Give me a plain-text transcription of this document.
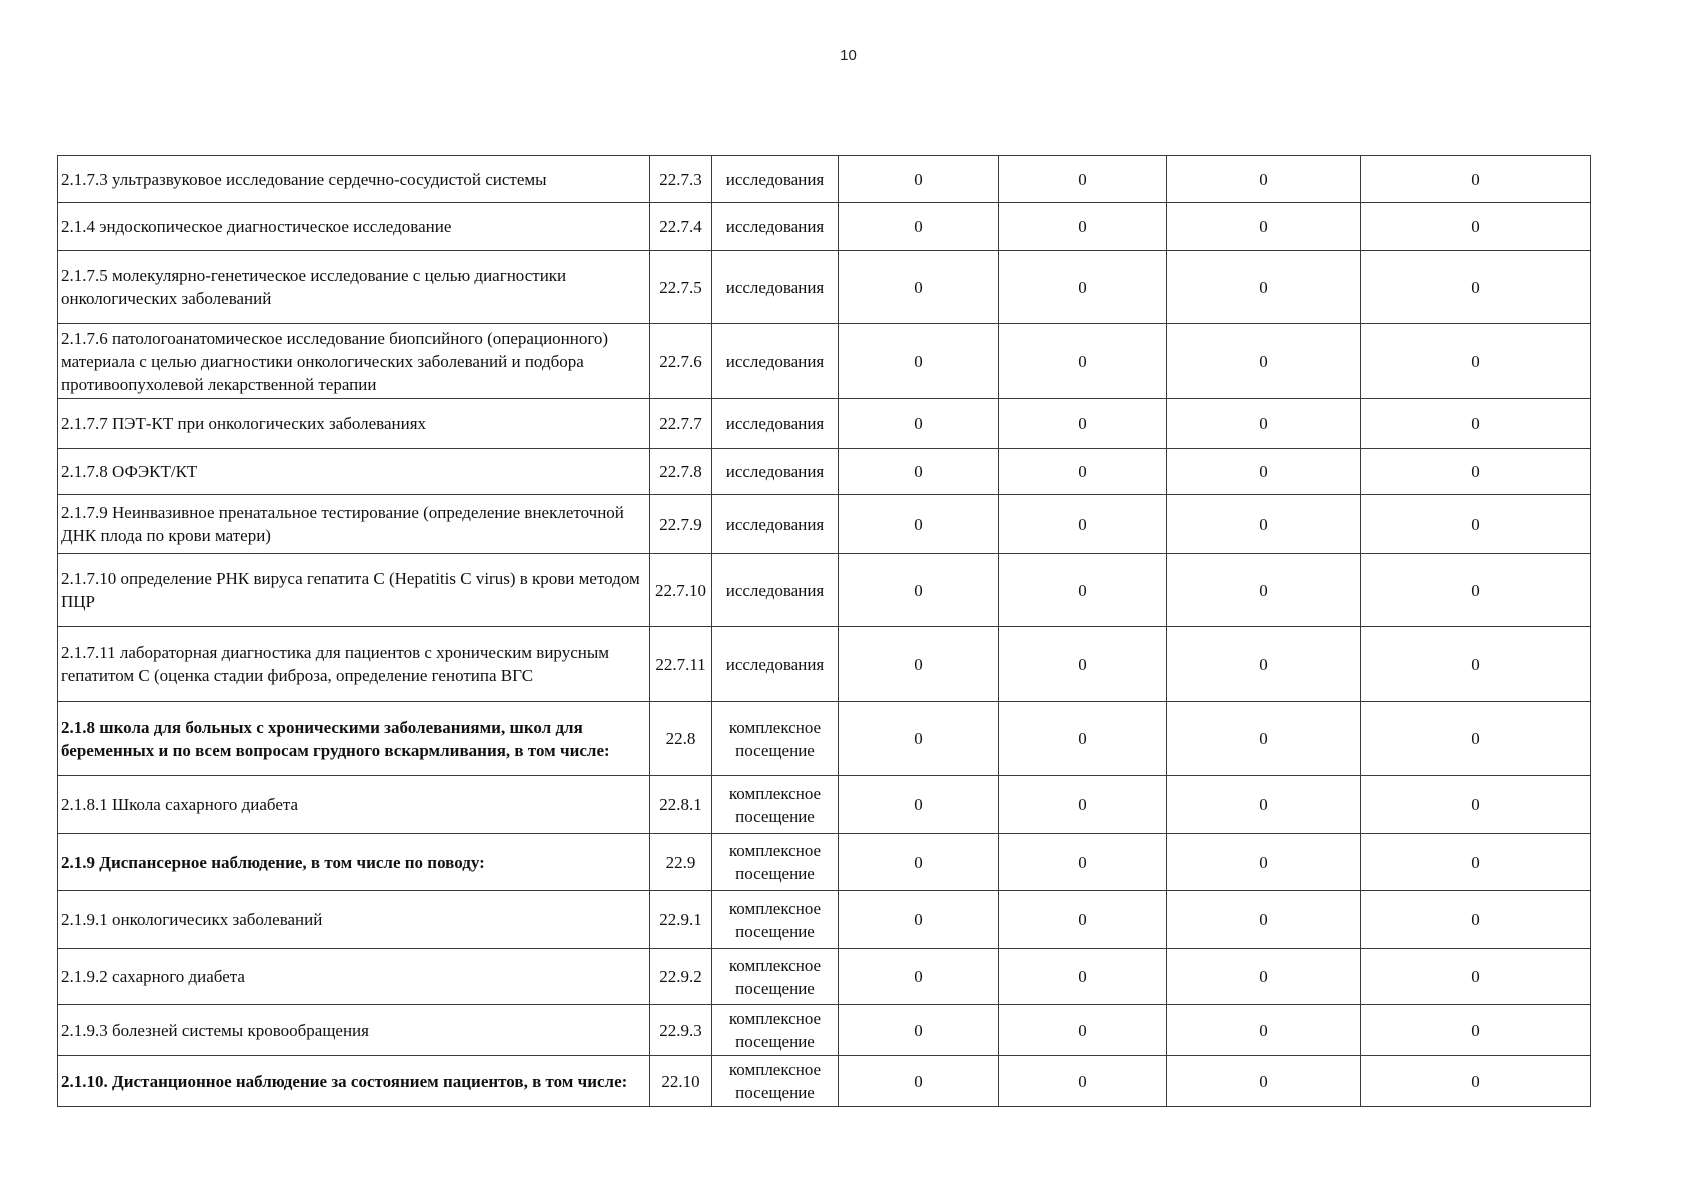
10
2.1.7.3 ультразвуковое исследование сердечно-сосудистой системы	22.7.3	исследования	0	0	0	0
2.1.4 эндоскопическое диагностическое исследование	22.7.4	исследования	0	0	0	0
2.1.7.5 молекулярно-генетическое исследование с целью диагностики онкологических заболеваний	22.7.5	исследования	0	0	0	0
2.1.7.6 патологоанатомическое исследование биопсийного (операционного) материала с целью диагностики онкологических заболеваний и подбора противоопухолевой лекарственной терапии	22.7.6	исследования	0	0	0	0
2.1.7.7 ПЭТ-КТ при онкологических заболеваниях	22.7.7	исследования	0	0	0	0
2.1.7.8 ОФЭКТ/КТ	22.7.8	исследования	0	0	0	0
2.1.7.9 Неинвазивное пренатальное тестирование (определение внеклеточной ДНК плода по крови матери)	22.7.9	исследования	0	0	0	0
2.1.7.10 определение РНК вируса гепатита С (Hepatitis C virus) в крови методом ПЦР	22.7.10	исследования	0	0	0	0
2.1.7.11 лабораторная диагностика для пациентов с хроническим вирусным гепатитом С (оценка стадии фиброза, определение генотипа ВГС	22.7.11	исследования	0	0	0	0
2.1.8 школа для больных с хроническими заболеваниями, школ для беременных и по всем вопросам грудного вскармливания, в том числе:	22.8	комплексное посещение	0	0	0	0
2.1.8.1 Школа сахарного диабета	22.8.1	комплексное посещение	0	0	0	0
2.1.9 Диспансерное наблюдение, в том числе по поводу:	22.9	комплексное посещение	0	0	0	0
2.1.9.1 онкологичесикх заболеваний	22.9.1	комплексное посещение	0	0	0	0
2.1.9.2 сахарного диабета	22.9.2	комплексное посещение	0	0	0	0
2.1.9.3 болезней системы кровообращения	22.9.3	комплексное посещение	0	0	0	0
2.1.10. Дистанционное наблюдение за состоянием пациентов, в том числе:	22.10	комплексное посещение	0	0	0	0
